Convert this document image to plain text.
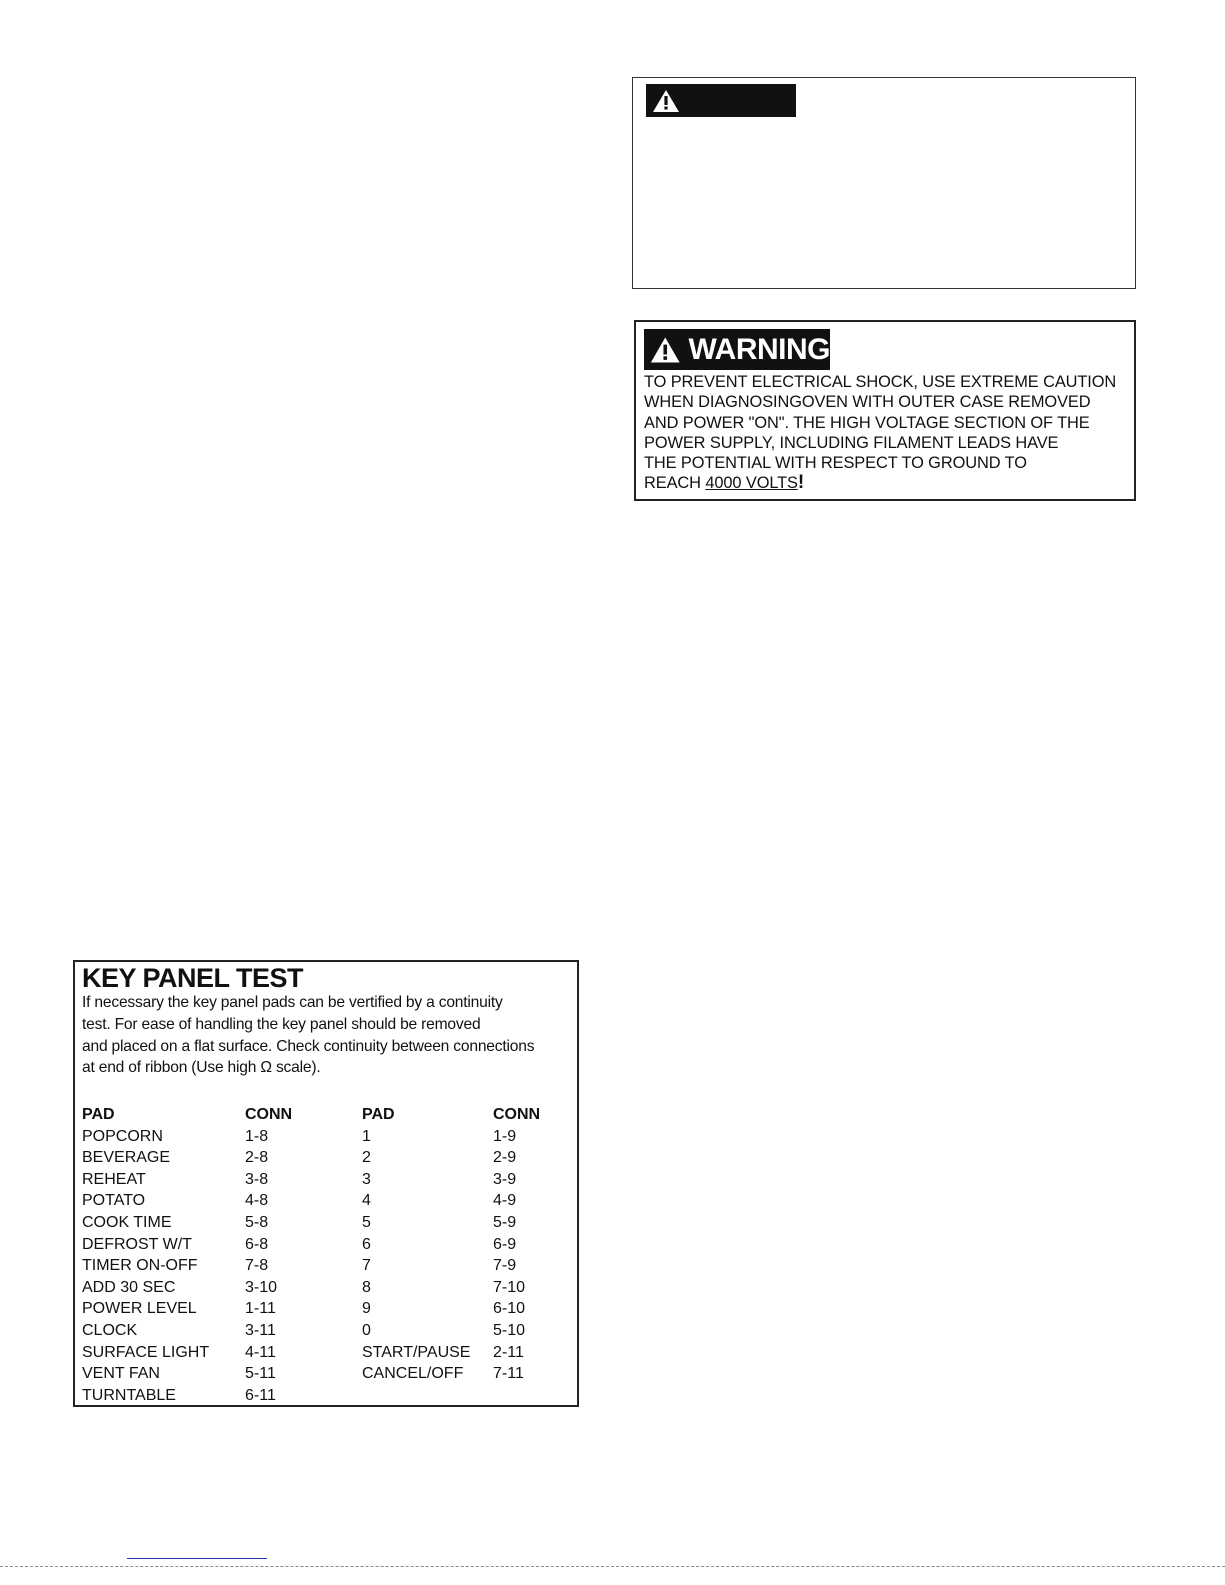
WARNING
TO PREVENT ELECTRICAL SHOCK, USE EXTREME CAUTION
WHEN DIAGNOSINGOVEN WITH OUTER CASE REMOVED
AND POWER "ON". THE HIGH VOLTAGE SECTION OF THE
POWER SUPPLY, INCLUDING FILAMENT LEADS HAVE
THE POTENTIAL WITH RESPECT TO GROUND TO
REACH 4000 VOLTS!
KEY PANEL TEST
If necessary the key panel pads can be vertified by a continuity
test. For ease of handling the key panel should be removed
and placed on a flat surface. Check continuity between connections
at end of ribbon (Use high Ω scale).
PAD	CONN	PAD	CONN
POPCORN	1-8	1	1-9
BEVERAGE	2-8	2	2-9
REHEAT	3-8	3	3-9
POTATO	4-8	4	4-9
COOK TIME	5-8	5	5-9
DEFROST W/T	6-8	6	6-9
TIMER ON-OFF	7-8	7	7-9
ADD 30 SEC	3-10	8	7-10
POWER LEVEL	1-11	9	6-10
CLOCK	3-11	0	5-10
SURFACE LIGHT 4-11	START/PAUSE 2-11
VENT FAN	5-11	CANCEL/OFF 7-11
TURNTABLE	6-11
